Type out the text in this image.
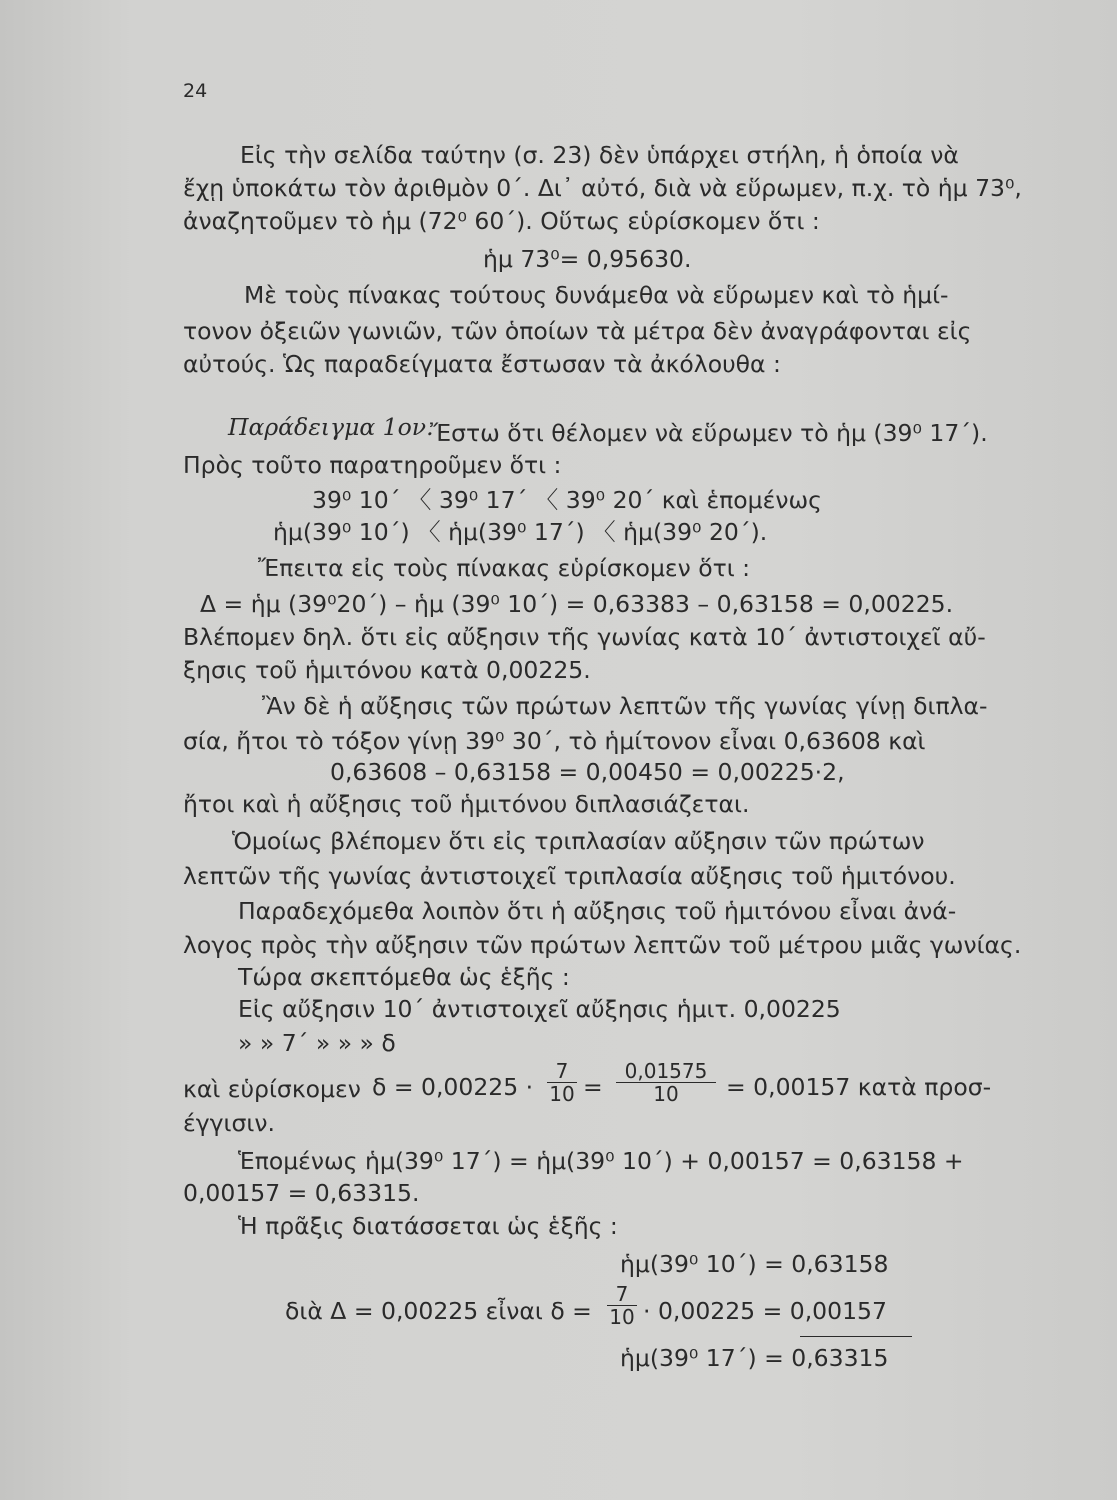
24
Εἰς τὴν σελίδα ταύτην (σ. 23) δὲν ὑπάρχει στήλη, ἡ ὁποία νὰ
ἔχῃ ὑποκάτω τὸν ἀριθμὸν 0΄. Δι᾽ αὐτό, διὰ νὰ εὕρωμεν, π.χ. τὸ ἡμ 73⁰,
ἀναζητοῦμεν τὸ ἡμ (72⁰ 60΄). Οὕτως εὑρίσκομεν ὅτι :
ἡμ 73⁰= 0,95630.
Μὲ τοὺς πίνακας τούτους δυνάμεθα νὰ εὕρωμεν καὶ τὸ ἡμί-
τονον ὀξειῶν γωνιῶν, τῶν ὁποίων τὰ μέτρα δὲν ἀναγράφονται εἰς
αὐτούς. Ὡς παραδείγματα ἔστωσαν τὰ ἀκόλουθα :
Παράδειγμα 1ον.
Ἔστω ὅτι θέλομεν νὰ εὕρωμεν τὸ ἡμ (39⁰ 17΄).
Πρὸς τοῦτο παρατηροῦμεν ὅτι :
39⁰ 10΄ 〈 39⁰ 17΄ 〈 39⁰ 20΄ καὶ ἑπομένως
ἡμ(39⁰ 10΄) 〈 ἡμ(39⁰ 17΄) 〈 ἡμ(39⁰ 20΄).
Ἔπειτα εἰς τοὺς πίνακας εὑρίσκομεν ὅτι :
Δ = ἡμ (39⁰20΄) – ἡμ (39⁰ 10΄) = 0,63383 – 0,63158 = 0,00225.
Βλέπομεν δηλ. ὅτι εἰς αὔξησιν τῆς γωνίας κατὰ 10΄ ἀντιστοιχεῖ αὔ-
ξησις τοῦ ἡμιτόνου κατὰ 0,00225.
Ἂν δὲ ἡ αὔξησις τῶν πρώτων λεπτῶν τῆς γωνίας γίνῃ διπλα-
σία, ἤτοι τὸ τόξον γίνῃ 39⁰ 30΄, τὸ ἡμίτονον εἶναι 0,63608 καὶ
0,63608 – 0,63158 = 0,00450 = 0,00225·2,
ἤτοι καὶ ἡ αὔξησις τοῦ ἡμιτόνου διπλασιάζεται.
Ὁμοίως βλέπομεν ὅτι εἰς τριπλασίαν αὔξησιν τῶν πρώτων
λεπτῶν τῆς γωνίας ἀντιστοιχεῖ τριπλασία αὔξησις τοῦ ἡμιτόνου.
Παραδεχόμεθα λοιπὸν ὅτι ἡ αὔξησις τοῦ ἡμιτόνου εἶναι ἀνά-
λογος πρὸς τὴν αὔξησιν τῶν πρώτων λεπτῶν τοῦ μέτρου μιᾶς γωνίας.
Τώρα σκεπτόμεθα ὡς ἑξῆς :
Εἰς αὔξησιν 10΄ ἀντιστοιχεῖ αὔξησις ἡμιτ. 0,00225
» » 7΄ » » » δ
καὶ εὑρίσκομεν $\delta = 0,00225 \cdot \frac{7}{10} = \frac{0,01575}{10} = 0,00157$ κατὰ προσ-
έγγισιν.
Ἑπομένως ἡμ(39⁰ 17΄) = ἡμ(39⁰ 10΄) + 0,00157 = 0,63158 +
0,00157 = 0,63315.
Ἡ πρᾶξις διατάσσεται ὡς ἑξῆς :
ἡμ(39⁰ 10΄) = 0,63158
διὰ Δ = 0,00225 εἶναι $\delta = \frac{7}{10} \cdot 0,00225 = 0,00157$
ἡμ(39⁰ 17΄) = 0,63315
